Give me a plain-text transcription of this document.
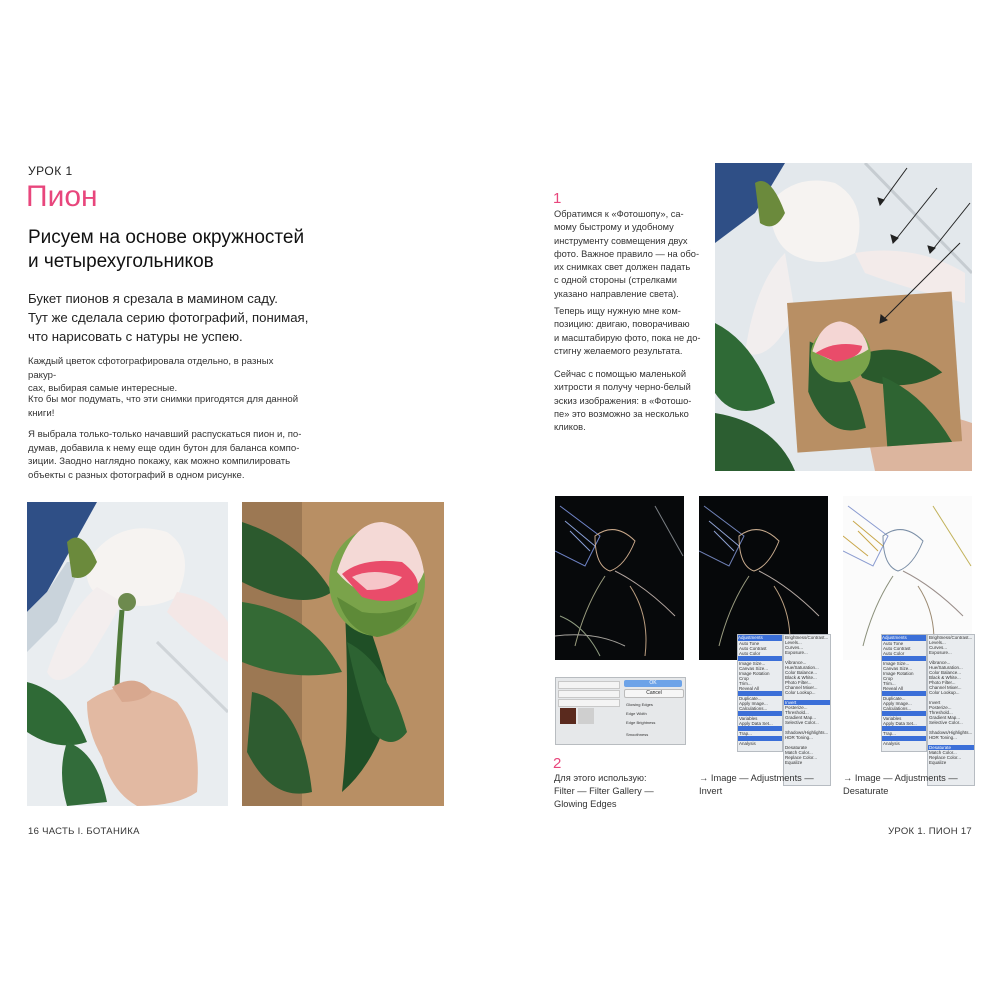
УРОК 1
Пион
Рисуем на основе окружностей
и четырехугольников
Букет пионов я срезала в мамином саду.
Тут же сделала серию фотографий, понимая,
что нарисовать с натуры не успею.
Каждый цветок сфотографировала отдельно, в разных ракур-
сах, выбирая самые интересные.
Кто бы мог подумать, что эти снимки пригодятся для данной
книги!
Я выбрала только-только начавший распускаться пион и, по-
думав, добавила к нему еще один бутон для баланса компо-
зиции. Заодно наглядно покажу, как можно компилировать
объекты с разных фотографий в одном рисунке.
16 ЧАСТЬ I. БОТАНИКА
1
Обратимся к «Фотошопу», са-
мому быстрому и удобному
инструменту совмещения двух
фото. Важное правило — на обо-
их снимках свет должен падать
с одной стороны (стрелками
указано направление света).
Теперь ищу нужную мне ком-
позицию: двигаю, поворачиваю
и масштабирую фото, пока не до-
стигну желаемого результата.
Сейчас с помощью маленькой
хитрости я получу черно-белый
эскиз изображения: в «Фотошо-
пе» это возможно за несколько
кликов.
OK
Cancel
Glowing Edges
Edge Width
Edge Brightness
Smoothness
Adjustments
Auto Tone
Auto Contrast
Auto Color

Image Size...
Canvas Size...
Image Rotation
Crop
Trim...
Reveal All

Duplicate...
Apply Image...
Calculations...

Variables
Apply Data Set...

Trap...

Analysis
Brightness/Contrast...
Levels...
Curves...
Exposure...

Vibrance...
Hue/Saturation...
Color Balance...
Black & White...
Photo Filter...
Channel Mixer...
Color Lookup...

Invert
Posterize...
Threshold...
Gradient Map...
Selective Color...

Shadows/Highlights...
HDR Toning...

Desaturate
Match Color...
Replace Color...
Equalize
Adjustments
Auto Tone
Auto Contrast
Auto Color

Image Size...
Canvas Size...
Image Rotation
Crop
Trim...
Reveal All

Duplicate...
Apply Image...
Calculations...

Variables
Apply Data Set...

Trap...

Analysis
Brightness/Contrast...
Levels...
Curves...
Exposure...

Vibrance...
Hue/Saturation...
Color Balance...
Black & White...
Photo Filter...
Channel Mixer...
Color Lookup...

Invert
Posterize...
Threshold...
Gradient Map...
Selective Color...

Shadows/Highlights...
HDR Toning...

Desaturate
Match Color...
Replace Color...
Equalize
2
Для этого использую:
Filter — Filter Gallery —
Glowing Edges
→ Image — Adjustments —
Invert
→ Image — Adjustments —
Desaturate
УРОК 1. ПИОН 17
